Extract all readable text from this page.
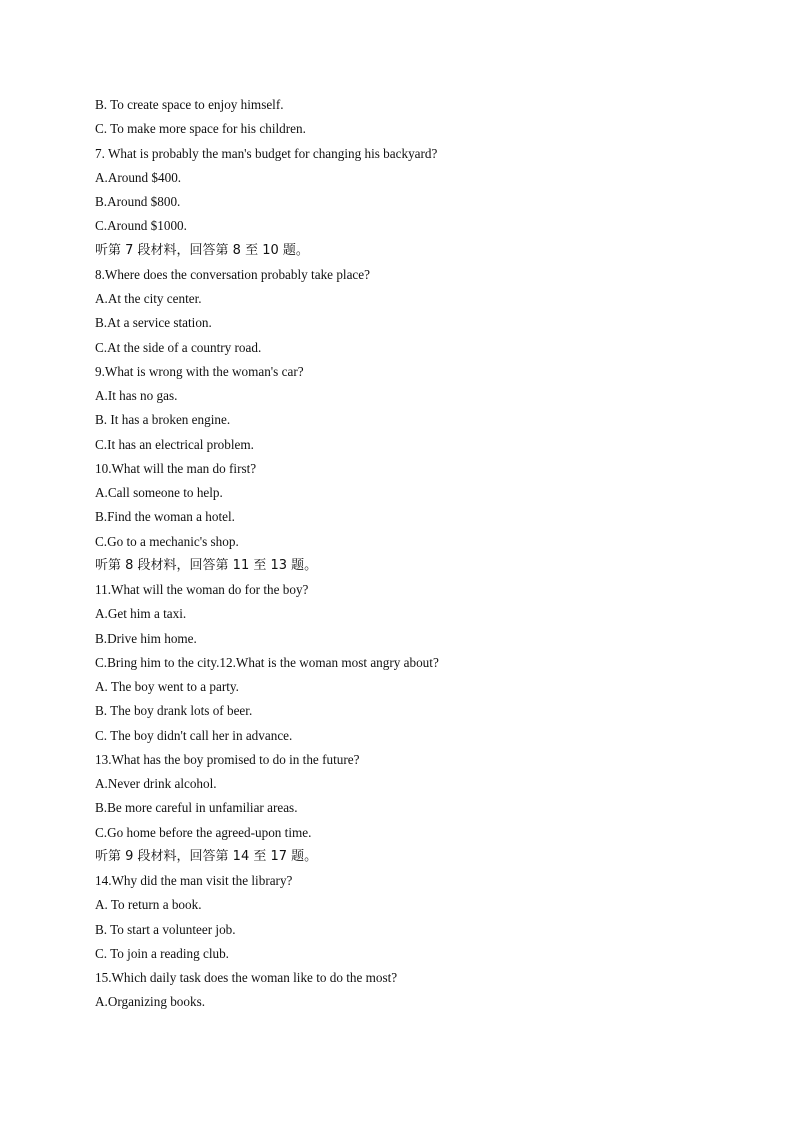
B. To create space to enjoy himself.
C. To make more space for his children.
7. What is probably the man's budget for changing his backyard?
A.Around $400.
B.Around $800.
C.Around $1000.
听第 7 段材料，回答第 8 至 10 题。
8.Where does the conversation probably take place?
A.At the city center.
B.At a service station.
C.At the side of a country road.
9.What is wrong with the woman's car?
A.It has no gas.
B. It has a broken engine.
C.It has an electrical problem.
10.What will the man do first?
A.Call someone to help.
B.Find the woman a hotel.
C.Go to a mechanic's shop.
听第 8 段材料，回答第 11 至 13 题。
11.What will the woman do for the boy?
A.Get him a taxi.
B.Drive him home.
C.Bring him to the city.12.What is the woman most angry about?
A. The boy went to a party.
B. The boy drank lots of beer.
C. The boy didn't call her in advance.
13.What has the boy promised to do in the future?
A.Never drink alcohol.
B.Be more careful in unfamiliar areas.
C.Go home before the agreed-upon time.
听第 9 段材料，回答第 14 至 17 题。
14.Why did the man visit the library?
A. To return a book.
B. To start a volunteer job.
C. To join a reading club.
15.Which daily task does the woman like to do the most?
A.Organizing books.
